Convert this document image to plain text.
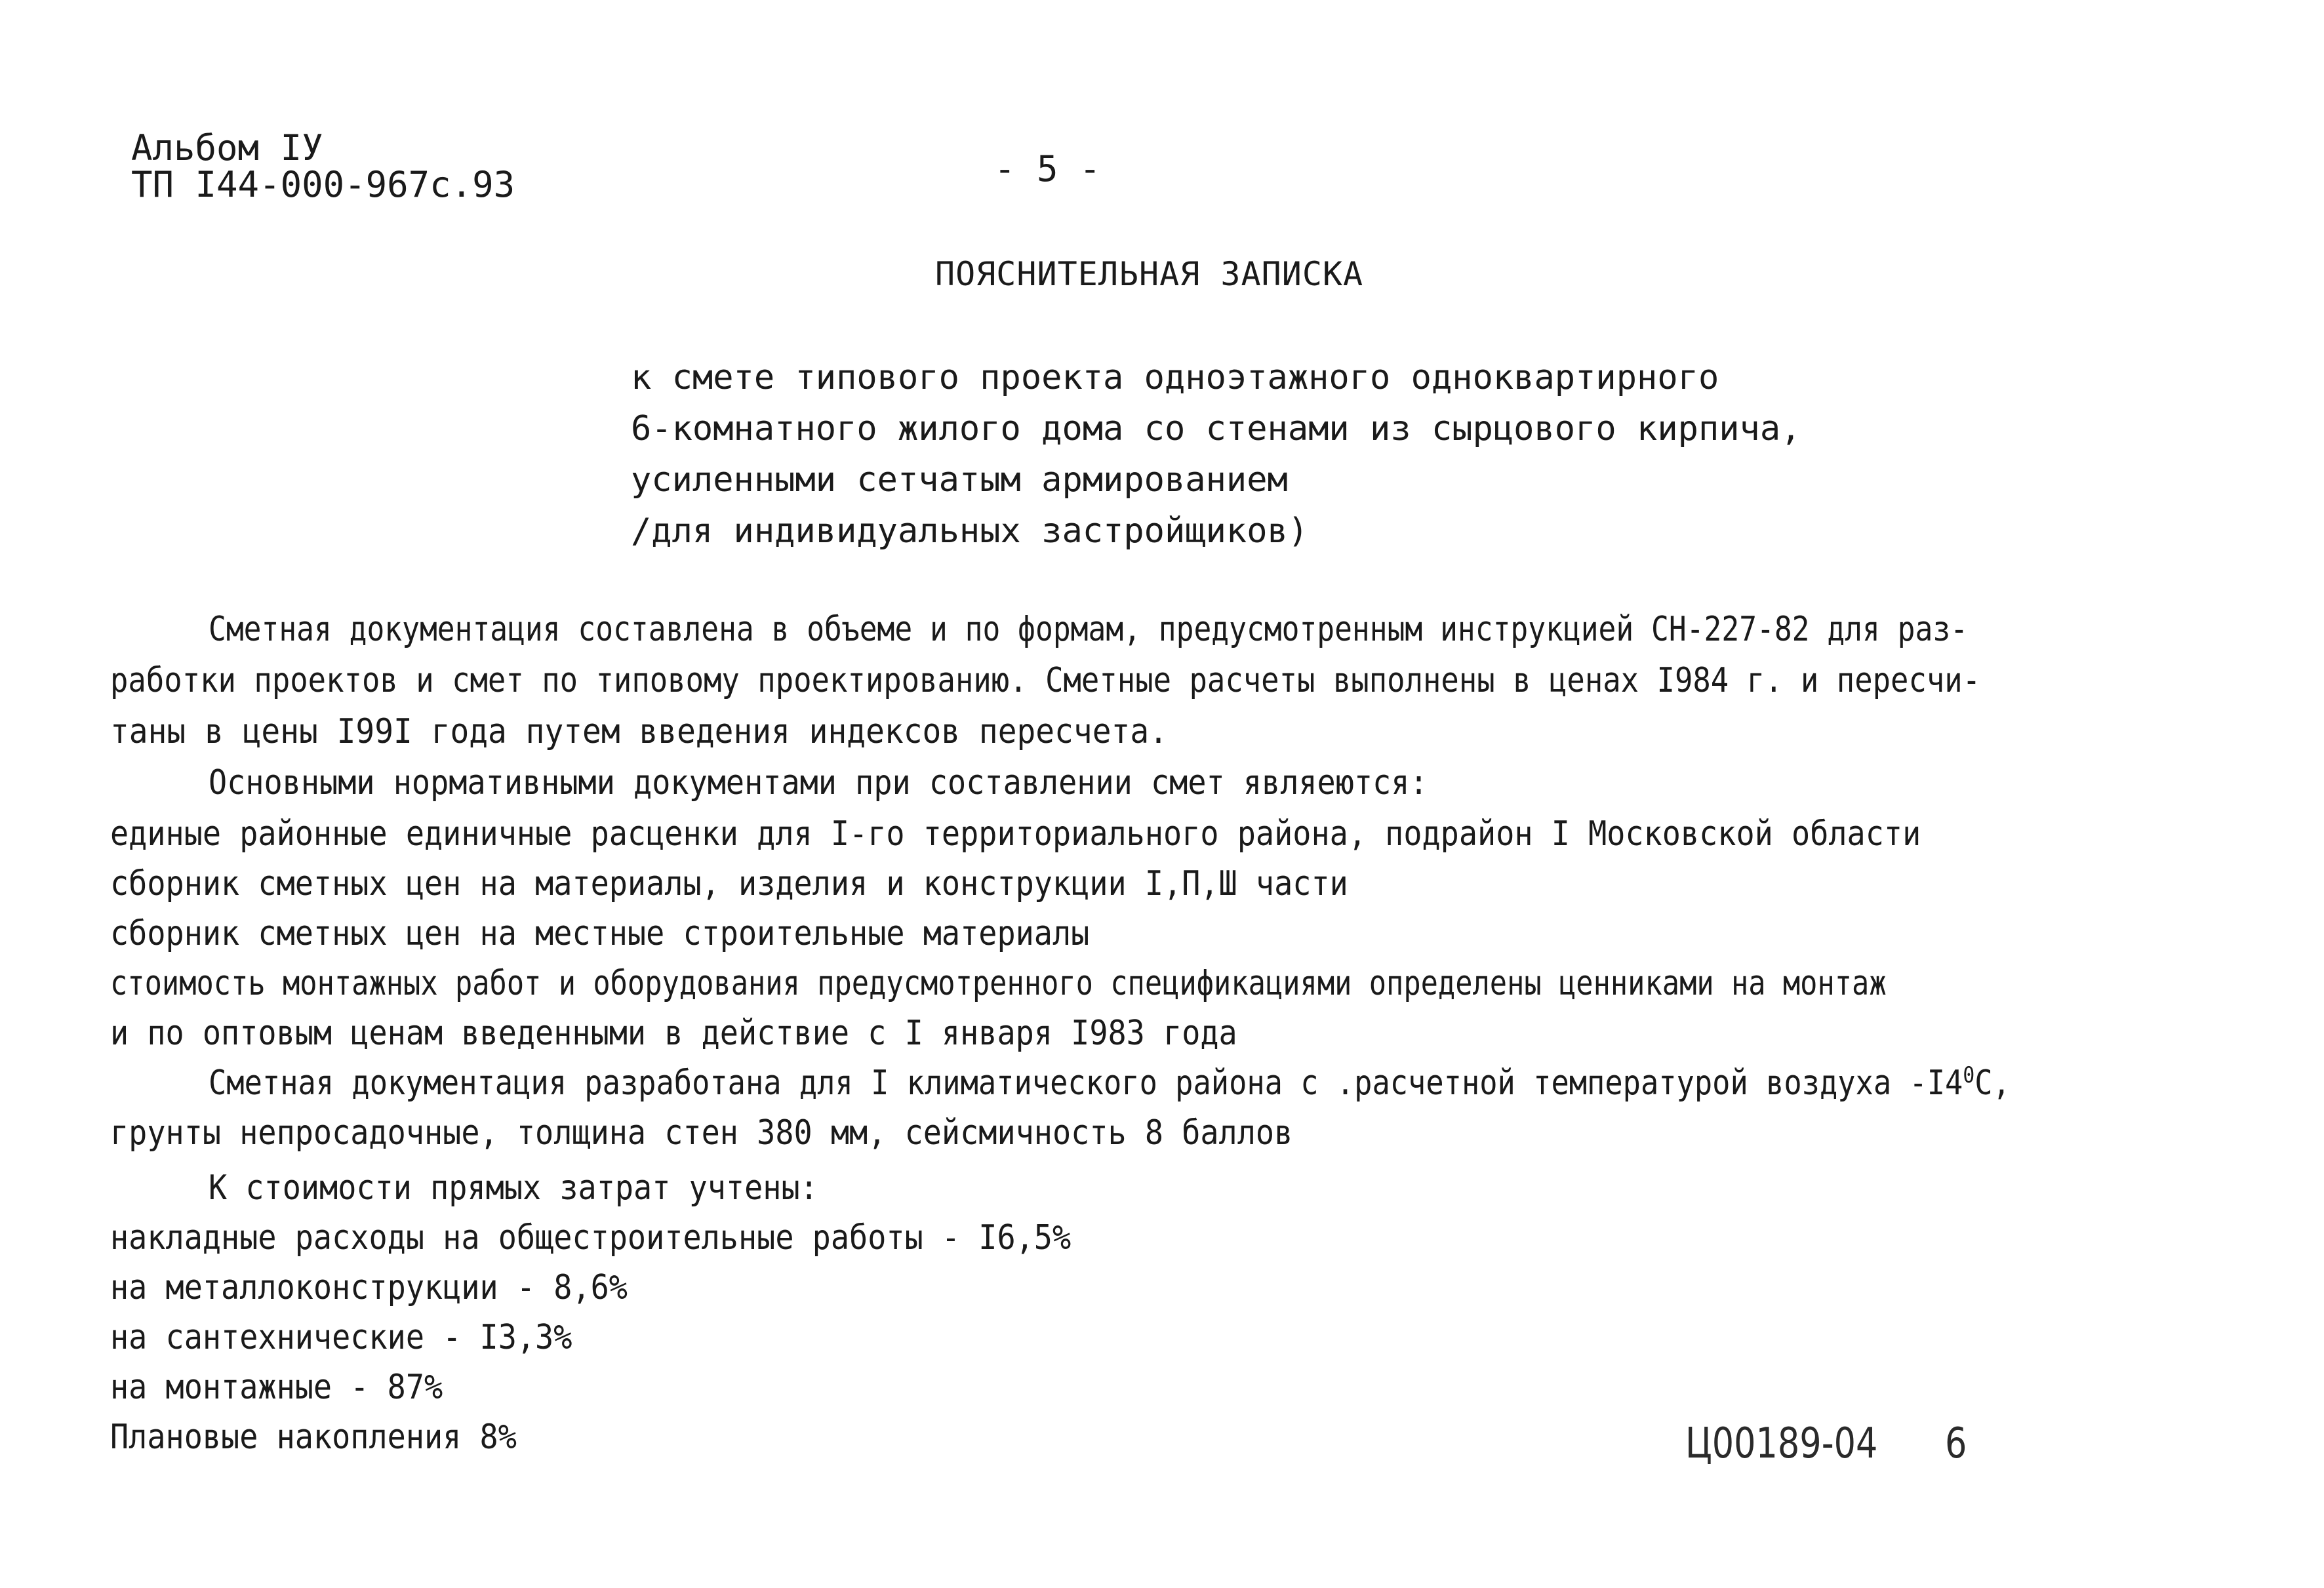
Альбом IУ
ТП I44-000-967с.93	- 5 -
ПОЯСНИТЕЛЬНАЯ ЗАПИСКА
к смете типового проекта одноэтажного одноквартирного
6-комнатного жилого дома со стенами из сырцового кирпича,
усиленными сетчатым армированием
/для индивидуальных застройщиков)
Сметная документация составлена в объеме и по формам, предусмотренным инструкцией СН-227-82 для раз-
работки проектов и смет по типовому проектированию. Сметные расчеты выполнены в ценах I984 г. и пересчи-
таны в цены I99I года путем введения индексов пересчета.
Основными нормативными документами при составлении смет являеются:
единые районные единичные расценки для I-го территориального района, подрайон I Московской области
сборник сметных цен на материалы, изделия и конструкции I,П,Ш части
сборник сметных цен на местные строительные материалы
стоимость монтажных работ и оборудования предусмотренного спецификациями определены ценниками на монтаж
и по оптовым ценам введенными в действие с I января I983 года
Сметная документация разработана для I климатического района с .расчетной температурой воздуха $-I4^0С$,
грунты непросадочные, толщина стен 380 мм, сейсмичность 8 баллов
К стоимости прямых затрат учтены:
накладные расходы на общестроительные работы - I6,5%
на металлоконструкции - 8,6%
на сантехнические - I3,3%
на монтажные - 87%
Плановые накопления 8%	Ц00189-04 6
